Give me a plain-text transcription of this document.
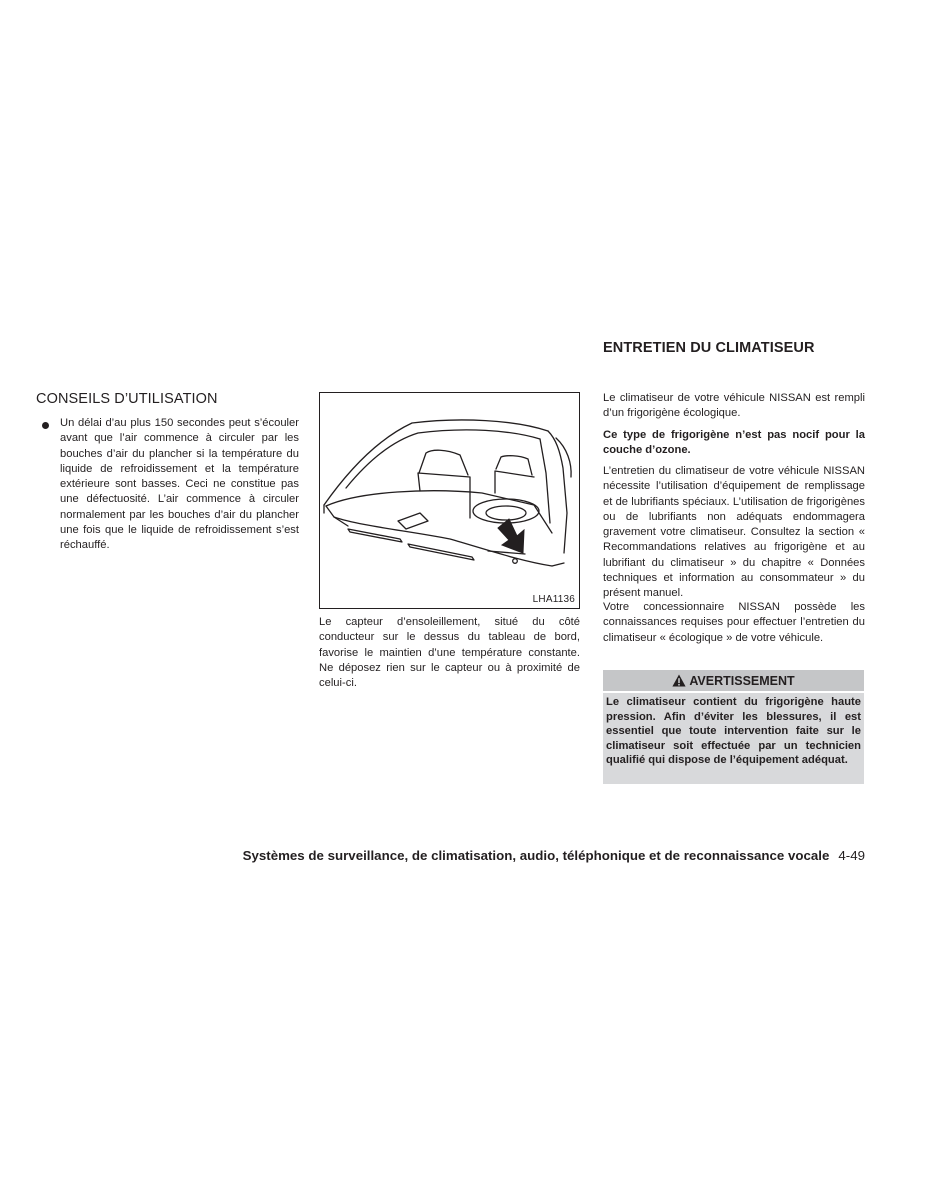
ENTRETIEN DU CLIMATISEUR
CONSEILS D’UTILISATION
Un délai d’au plus 150 secondes peut s’écouler avant que l’air commence à circuler par les bouches d’air du plancher si la température du liquide de refroidissement et la température extérieure sont basses. Ceci ne constitue pas une défectuosité. L’air commence à circuler normalement par les bouches d’air du plancher une fois que le liquide de refroidissement s’est réchauffé.
LHA1136
Le capteur d’ensoleillement, situé du côté conducteur sur le dessus du tableau de bord, favorise le maintien d’une température constante. Ne déposez rien sur le capteur ou à proximité de celui-ci.
Le climatiseur de votre véhicule NISSAN est rempli d’un frigorigène écologique.
Ce type de frigorigène n’est pas nocif pour la couche d’ozone.
L’entretien du climatiseur de votre véhicule NISSAN nécessite l’utilisation d’équipement de remplissage et de lubrifiants spéciaux. L’utilisation de frigorigènes ou de lubrifiants non adéquats endommagera gravement votre climatiseur. Consultez la section « Recommandations relatives au frigorigène et au lubrifiant du climatiseur » du chapitre « Données techniques et information au consommateur » du présent manuel.
Votre concessionnaire NISSAN possède les connaissances requises pour effectuer l’entretien du climatiseur « écologique » de votre véhicule.
AVERTISSEMENT
Le climatiseur contient du frigorigène haute pression. Afin d’éviter les blessures, il est essentiel que toute intervention faite sur le climatiseur soit effectuée par un technicien qualifié qui dispose de l’équipement adéquat.
Systèmes de surveillance, de climatisation, audio, téléphonique et de reconnaissance vocale 4-49
